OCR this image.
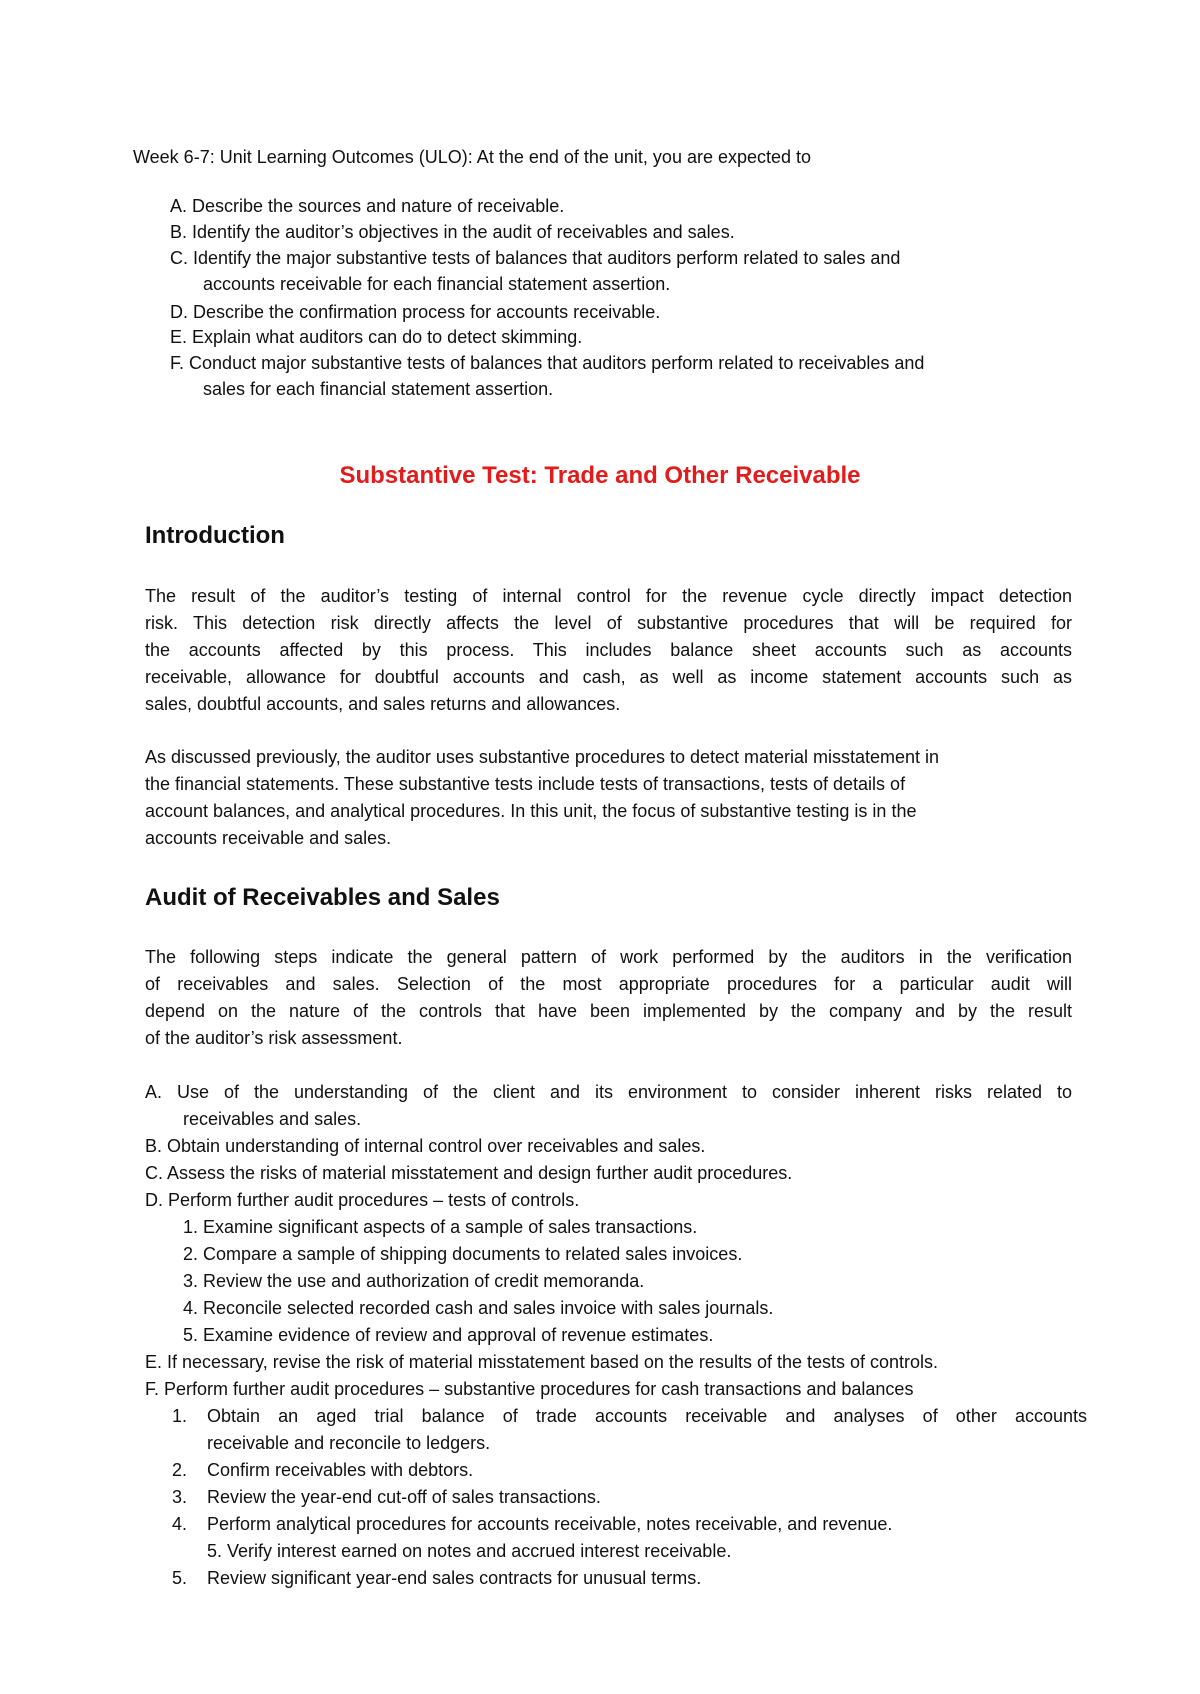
Week 6-7: Unit Learning Outcomes (ULO): At the end of the unit, you are expected to
A. Describe the sources and nature of receivable.
B. Identify the auditor’s objectives in the audit of receivables and sales.
C. Identify the major substantive tests of balances that auditors perform related to sales and
accounts receivable for each financial statement assertion.
D. Describe the confirmation process for accounts receivable.
E. Explain what auditors can do to detect skimming.
F. Conduct major substantive tests of balances that auditors perform related to receivables and
sales for each financial statement assertion.
Substantive Test: Trade and Other Receivable
Introduction
The result of the auditor’s testing of internal control for the revenue cycle directly impact detection
risk. This detection risk directly affects the level of substantive procedures that will be required for
the accounts affected by this process. This includes balance sheet accounts such as accounts
receivable, allowance for doubtful accounts and cash, as well as income statement accounts such as
sales, doubtful accounts, and sales returns and allowances.
As discussed previously, the auditor uses substantive procedures to detect material misstatement in
the financial statements. These substantive tests include tests of transactions, tests of details of
account balances, and analytical procedures. In this unit, the focus of substantive testing is in the
accounts receivable and sales.
Audit of Receivables and Sales
The following steps indicate the general pattern of work performed by the auditors in the verification
of receivables and sales. Selection of the most appropriate procedures for a particular audit will
depend on the nature of the controls that have been implemented by the company and by the result
of the auditor’s risk assessment.
A. Use of the understanding of the client and its environment to consider inherent risks related to
receivables and sales.
B. Obtain understanding of internal control over receivables and sales.
C. Assess the risks of material misstatement and design further audit procedures.
D. Perform further audit procedures – tests of controls.
1. Examine significant aspects of a sample of sales transactions.
2. Compare a sample of shipping documents to related sales invoices.
3. Review the use and authorization of credit memoranda.
4. Reconcile selected recorded cash and sales invoice with sales journals.
5. Examine evidence of review and approval of revenue estimates.
E. If necessary, revise the risk of material misstatement based on the results of the tests of controls.
F. Perform further audit procedures – substantive procedures for cash transactions and balances
1. Obtain an aged trial balance of trade accounts receivable and analyses of other accounts
receivable and reconcile to ledgers.
2. Confirm receivables with debtors.
3. Review the year-end cut-off of sales transactions.
4. Perform analytical procedures for accounts receivable, notes receivable, and revenue.
5. Verify interest earned on notes and accrued interest receivable.
5. Review significant year-end sales contracts for unusual terms.
